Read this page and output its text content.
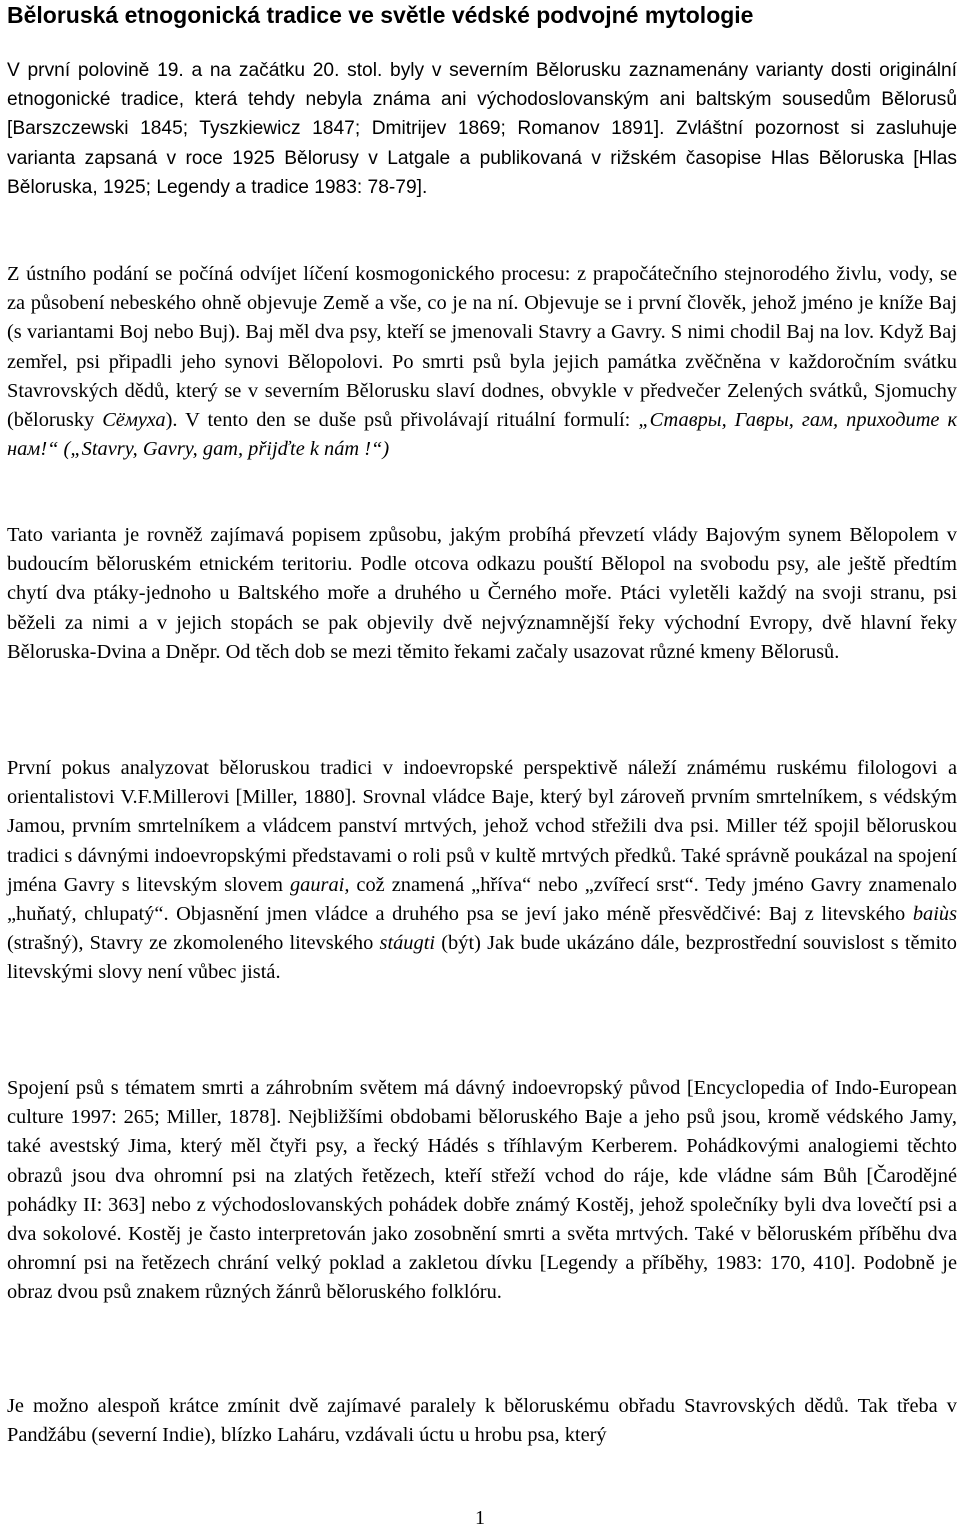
Běloruská etnogonická tradice ve světle védské podvojné mytologie

V první polovině 19. a na začátku 20. stol. byly v severním Bělorusku zaznamenány varianty dosti originální etnogonické tradice, která tehdy nebyla známa ani východoslovanským ani baltským sousedům Bělorusů [Barszczewski 1845; Tyszkiewicz 1847; Dmitrijev 1869; Romanov 1891]. Zvláštní pozornost si zasluhuje varianta zapsaná v roce 1925 Bělorusy v Latgale a publikovaná v rižském časopise Hlas Běloruska [Hlas Běloruska, 1925; Legendy a tradice 1983: 78-79].

Z ústního podání se počíná odvíjet líčení kosmogonického procesu: z prapočátečního stejnorodého živlu, vody, se za působení nebeského ohně objevuje Země a vše, co je na ní. Objevuje se i první člověk, jehož jméno je kníže Baj (s variantami Boj nebo Buj). Baj měl dva psy, kteří se jmenovali Stavry a Gavry. S nimi chodil Baj na lov. Když Baj zemřel, psi připadli jeho synovi Bělopolovi. Po smrti psů byla jejich památka zvěčněna v každoročním svátku Stavrovských dědů, který se v severním Bělorusku slaví dodnes, obvykle v předvečer Zelených svátků, Sjomuchy (bělorusky Сёмуха). V tento den se duše psů přivolávají rituální formulí: „Ставры, Гавры, гам, приходите к нам!“ („Stavry, Gavry, gam, přijďte k nám !“)

Tato varianta je rovněž zajímavá popisem způsobu, jakým probíhá převzetí vlády Bajovým synem Bělopolem v budoucím běloruském etnickém teritoriu. Podle otcova odkazu pouští Bělopol na svobodu psy, ale ještě předtím chytí dva ptáky-jednoho u Baltského moře a druhého u Černého moře. Ptáci vyletěli každý na svoji stranu, psi běželi za nimi a v jejich stopách se pak objevily dvě nejvýznamnější řeky východní Evropy, dvě hlavní řeky Běloruska-Dvina a Dněpr. Od těch dob se mezi těmito řekami začaly usazovat různé kmeny Bělorusů.

První pokus analyzovat běloruskou tradici v indoevropské perspektivě náleží známému ruskému filologovi a orientalistovi V.F.Millerovi [Miller, 1880]. Srovnal vládce Baje, který byl zároveň prvním smrtelníkem, s védským Jamou, prvním smrtelníkem a vládcem panství mrtvých, jehož vchod střežili dva psi. Miller též spojil běloruskou tradici s dávnými indoevropskými představami o roli psů v kultě mrtvých předků. Také správně poukázal na spojení jména Gavry s litevským slovem gaurai, což znamená „hříva“ nebo „zvířecí srst“. Tedy jméno Gavry znamenalo „huňatý, chlupatý“. Objasnění jmen vládce a druhého psa se jeví jako méně přesvědčivé: Baj z litevského baiùs (strašný), Stavry ze zkomoleného litevského stáugti (být) Jak bude ukázáno dále, bezprostřední souvislost s těmito litevskými slovy není vůbec jistá.

Spojení psů s tématem smrti a záhrobním světem má dávný indoevropský původ [Encyclopedia of Indo-European culture 1997: 265; Miller, 1878]. Nejbližšími obdobami běloruského Baje a jeho psů jsou, kromě védského Jamy, také avestský Jima, který měl čtyři psy, a řecký Hádés s tříhlavým Kerberem. Pohádkovými analogiemi těchto obrazů jsou dva ohromní psi na zlatých řetězech, kteří střeží vchod do ráje, kde vládne sám Bůh [Čarodějné pohádky II: 363] nebo z východoslovanských pohádek dobře známý Kostěj, jehož společníky byli dva lovečtí psi a dva sokolové. Kostěj je často interpretován jako zosobnění smrti a světa mrtvých. Také v běloruském příběhu dva ohromní psi na řetězech chrání velký poklad a zakletou dívku [Legendy a příběhy, 1983: 170, 410]. Podobně je obraz dvou psů znakem různých žánrů běloruského folklóru.

Je možno alespoň krátce zmínit dvě zajímavé paralely k běloruskému obřadu Stavrovských dědů. Tak třeba v Pandžábu (severní Indie), blízko Laháru, vzdávali úctu u hrobu psa, který

1
